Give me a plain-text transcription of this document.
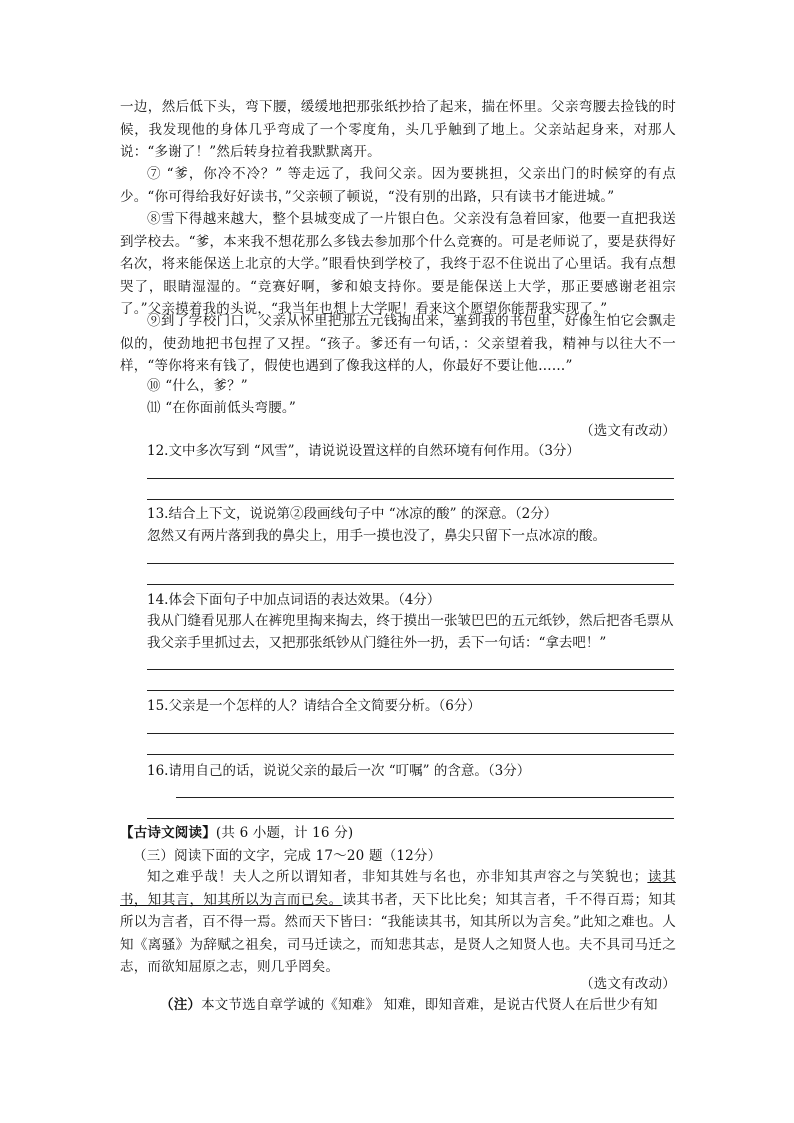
一边，然后低下头，弯下腰，缓缓地把那张纸抄拾了起来，揣在怀里。父亲弯腰去捡钱的时候，我发现他的身体几乎弯成了一个零度角，头几乎触到了地上。父亲站起身来，对那人说：“多谢了！”然后转身拉着我默默离开。

⑦ “爹，你冷不冷？” 等走远了，我问父亲。因为要挑担，父亲出门的时候穿的有点少。“你可得给我好好读书，”父亲顿了顿说，“没有别的出路，只有读书才能进城。”

⑧雪下得越来越大，整个县城变成了一片银白色。父亲没有急着回家，他要一直把我送到学校去。“爹，本来我不想花那么多钱去参加那个什么竞赛的。可是老师说了，要是获得好名次，将来能保送上北京的大学。”眼看快到学校了，我终于忍不住说出了心里话。我有点想哭了，眼睛湿湿的。“竞赛好啊，爹和娘支持你。要是能保送上大学，那正要感谢老祖宗了。”父亲摸着我的头说，“我当年也想上大学呢！看来这个愿望你能帮我实现了。”

⑨到了学校门口，父亲从怀里把那五元钱掏出来，塞到我的书包里，好像生怕它会飘走似的，使劲地把书包捏了又捏。“孩子。爹还有一句话，：父亲望着我，精神与以往大不一样，“等你将来有钱了，假使也遇到了像我这样的人，你最好不要让他……”

⑩ “什么，爹？”

⑾ “在你面前低头弯腰。”

（选文有改动）

12.文中多次写到 “风雪”，请说说设置这样的自然环境有何作用。（3分）

13.结合上下文，说说第②段画线句子中 “冰凉的酸” 的深意。（2分）

忽然又有两片落到我的鼻尖上，用手一摸也没了，鼻尖只留下一点冰凉的酸。

14.体会下面句子中加点词语的表达效果。（4分）

我从门缝看见那人在裤兜里掏来掏去，终于摸出一张皱巴巴的五元纸钞，然后把沓毛票从我父亲手里抓过去，又把那张纸钞从门缝往外一扔，丢下一句话：“拿去吧！”

15.父亲是一个怎样的人？请结合全文简要分析。（6分）

16.请用自己的话，说说父亲的最后一次 “叮嘱” 的含意。（3分）

【古诗文阅读】(共 6 小题，计 16 分)

（三）阅读下面的文字，完成 17～20 题（12分）

知之难乎哉！夫人之所以谓知者，非知其姓与名也，亦非知其声容之与笑貌也；读其书，知其言，知其所以为言而已矣。读其书者，天下比比矣；知其言者，千不得百焉；知其所以为言者，百不得一焉。然而天下皆曰：“我能读其书，知其所以为言矣。”此知之难也。人知《离骚》为辞赋之祖矣，司马迁读之，而知悲其志，是贤人之知贤人也。夫不具司马迁之志，而欲知屈原之志，则几乎罔矣。

（选文有改动）

（注）本文节选自章学诚的《知难》 知难，即知音难，是说古代贤人在后世少有知
